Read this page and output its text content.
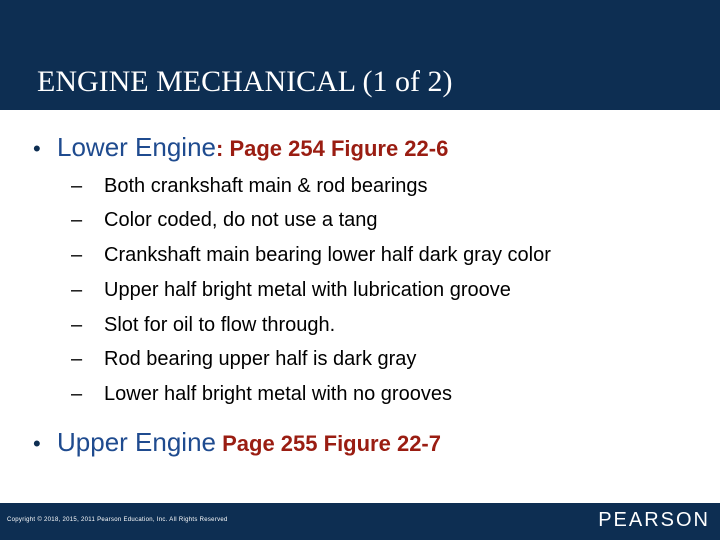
ENGINE MECHANICAL (1 of 2)
• Lower Engine: Page 254 Figure 22-6
– Both crankshaft main & rod bearings
– Color coded, do not use a tang
– Crankshaft main bearing lower half dark gray color
– Upper half bright metal with lubrication groove
– Slot for oil to flow through.
– Rod bearing upper half is dark gray
– Lower half bright metal with no grooves
• Upper Engine Page 255 Figure 22-7
Copyright © 2018, 2015, 2011 Pearson Education, Inc. All Rights Reserved	PEARSON
